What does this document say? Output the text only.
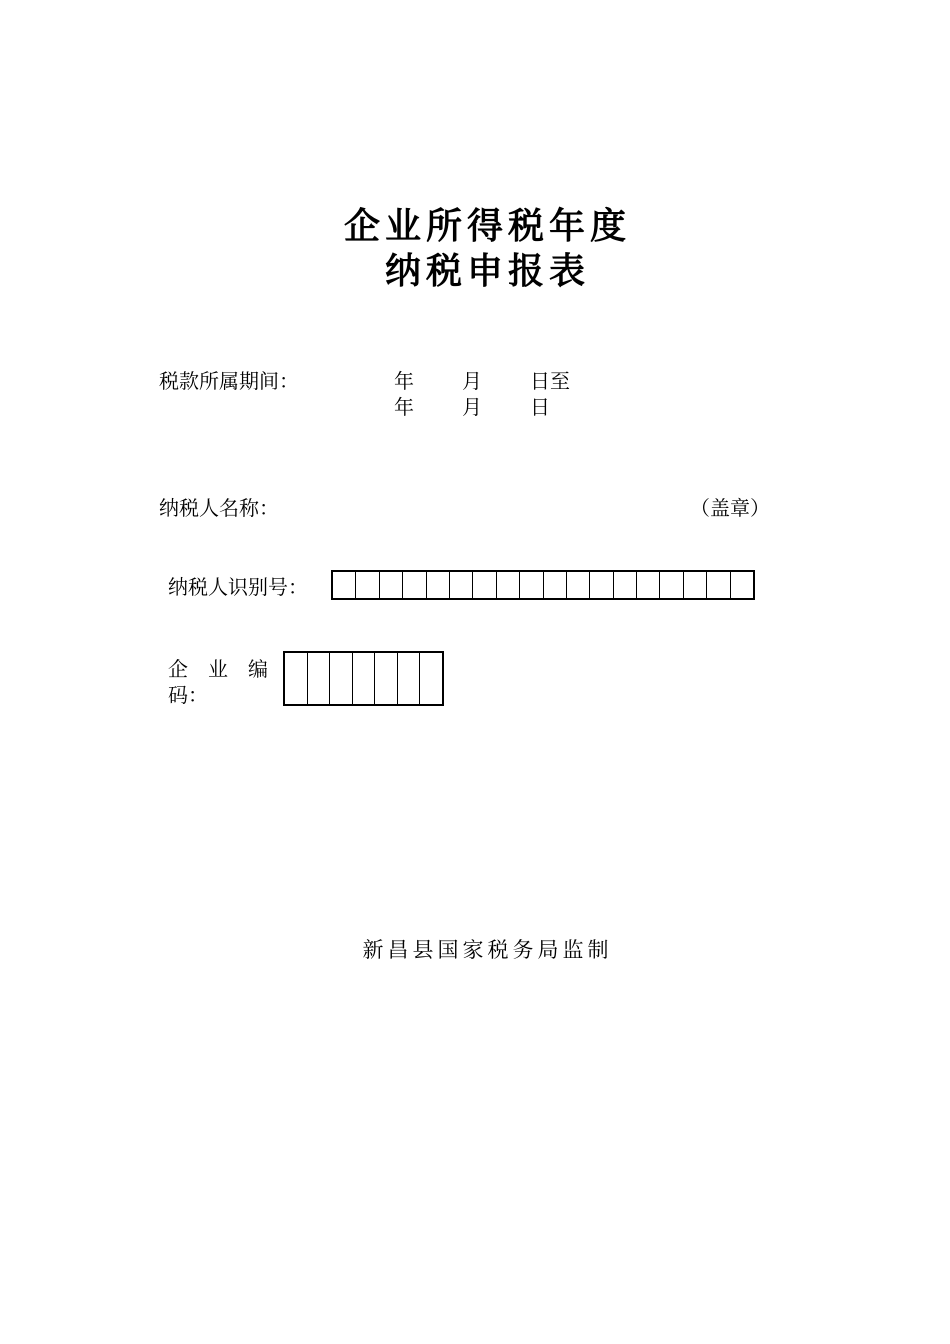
企业所得税年度
纳税申报表
税款所属期间：	年 月 日至
年 月 日
纳税人名称：	（盖章）
纳税人识别号：
企　业　编
码：
新昌县国家税务局监制
